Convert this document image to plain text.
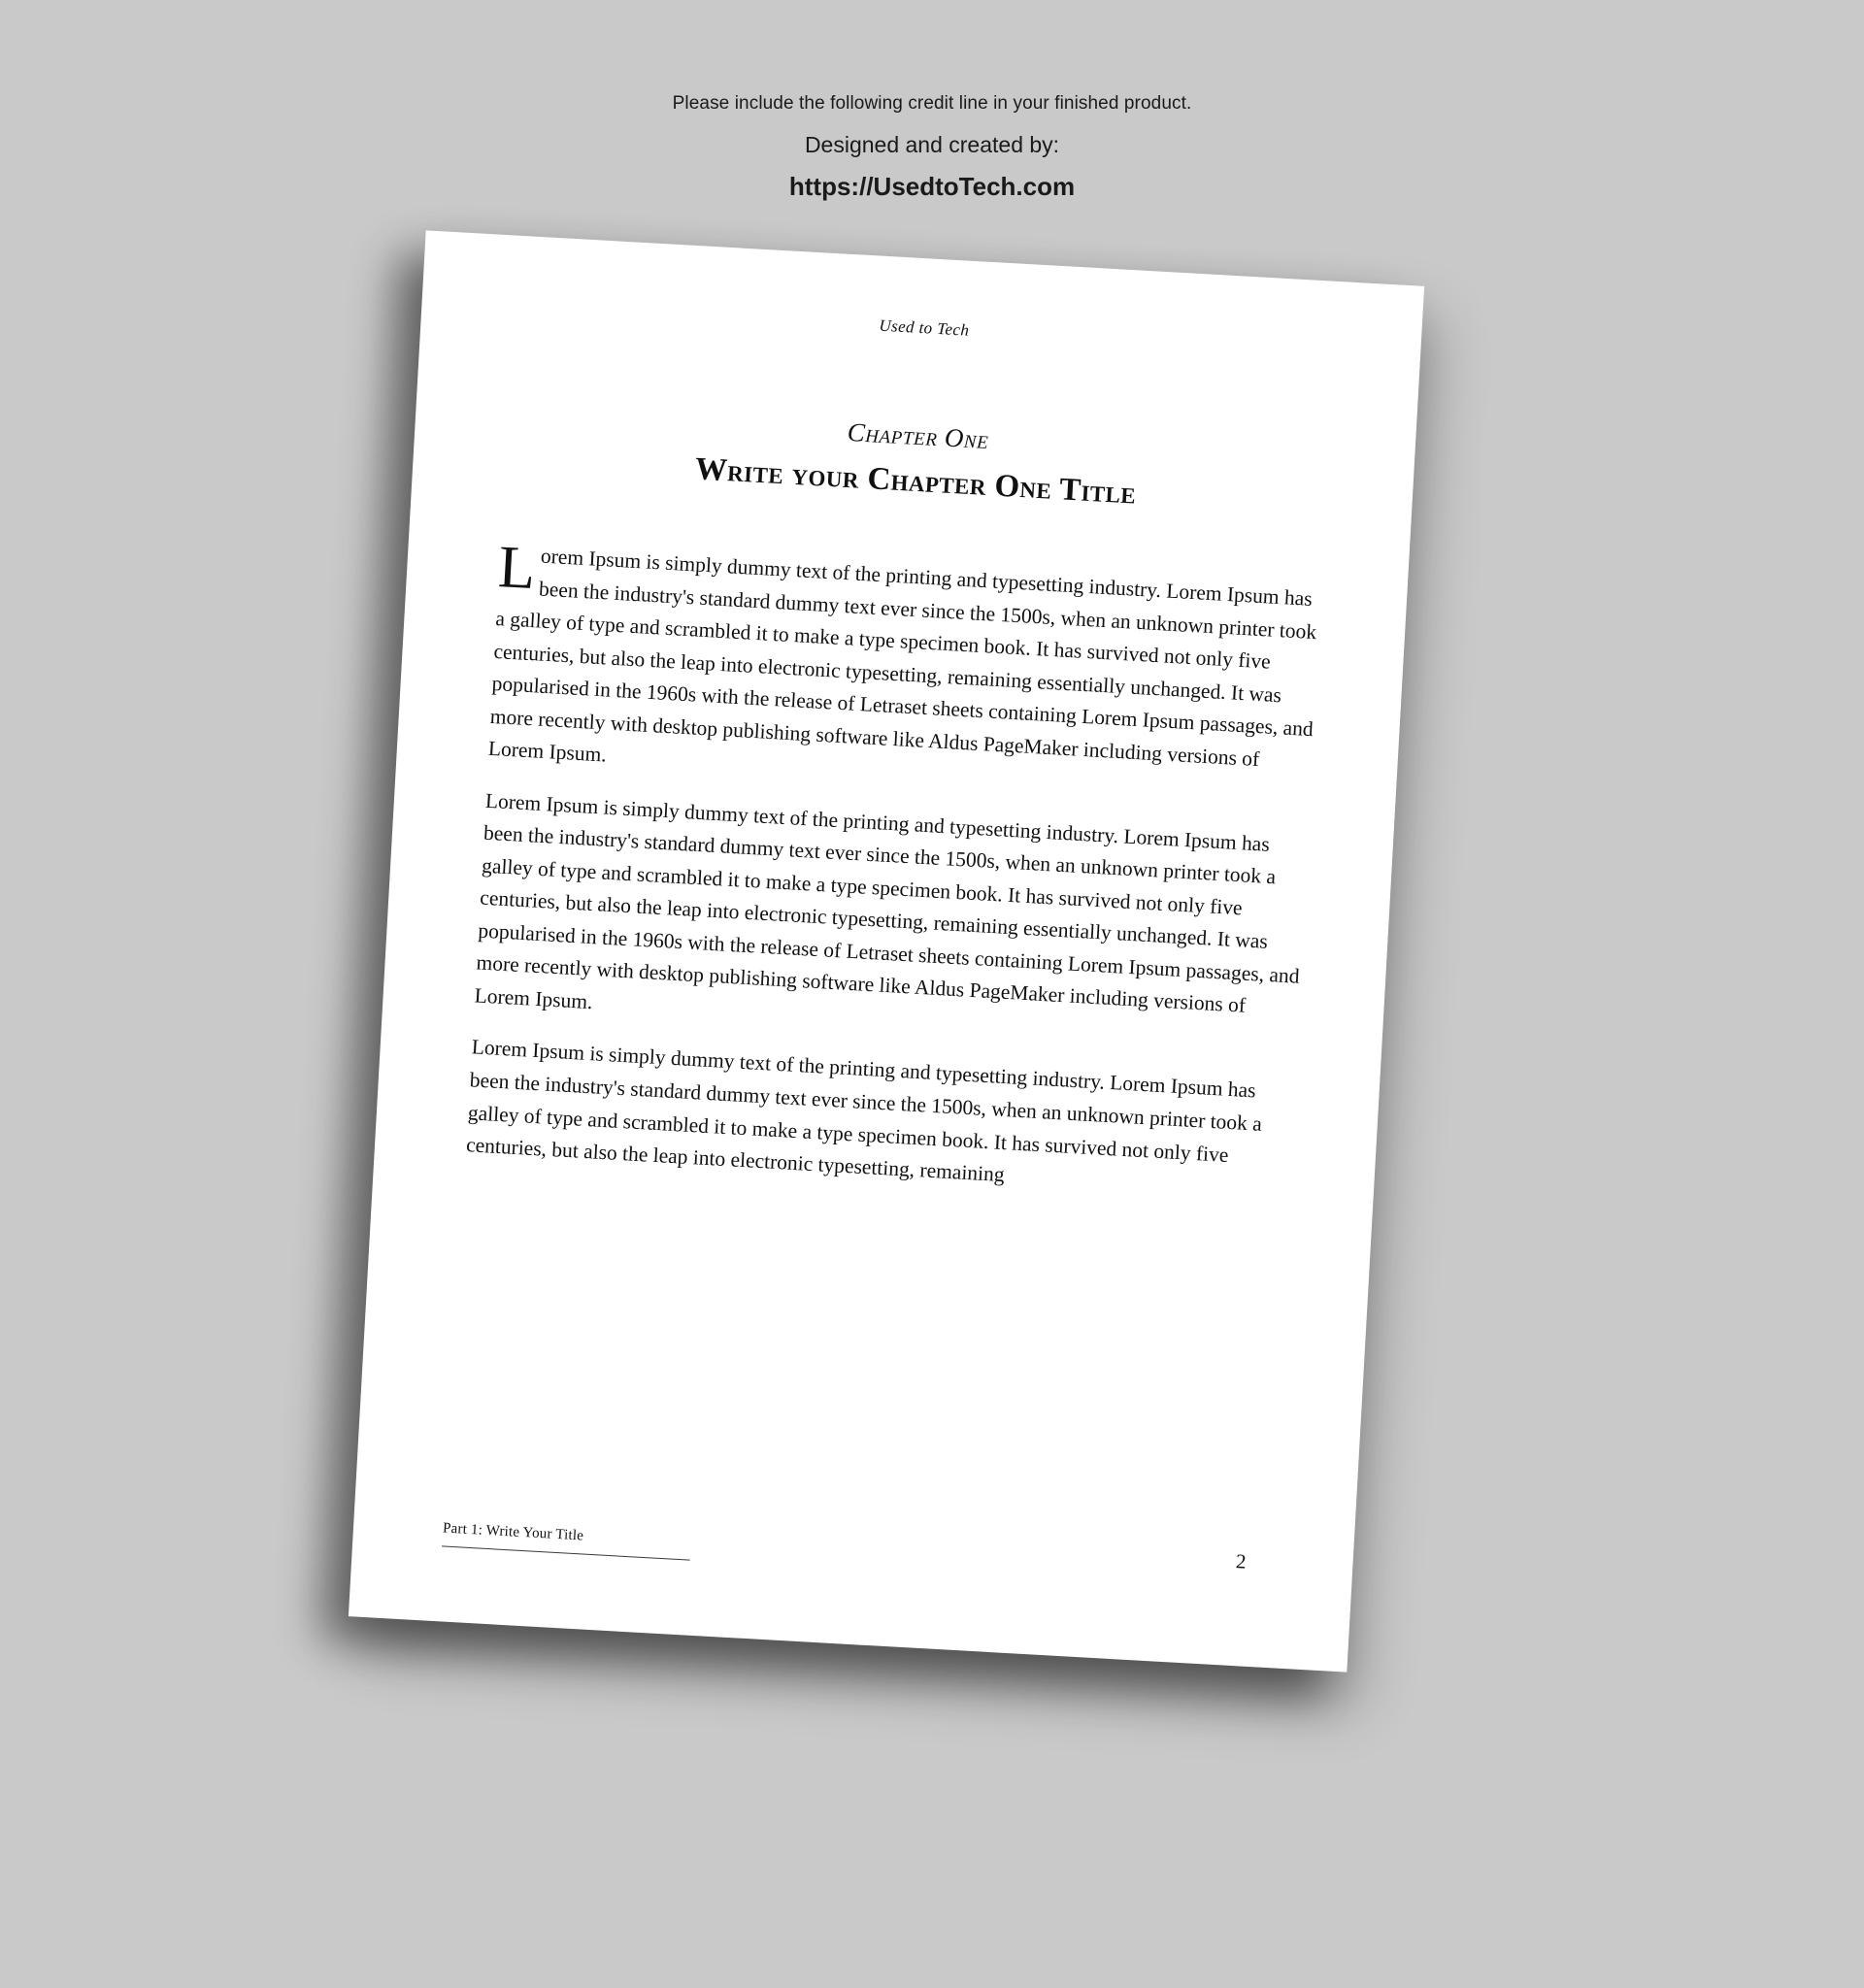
Please include the following credit line in your finished product.
Designed and created by:
https://UsedtoTech.com
Used to Tech
Chapter One
Write your Chapter One Title

Lorem Ipsum is simply dummy text of the printing and typesetting industry. Lorem Ipsum has been the industry's standard dummy text ever since the 1500s, when an unknown printer took a galley of type and scrambled it to make a type specimen book. It has survived not only five centuries, but also the leap into electronic typesetting, remaining essentially unchanged. It was popularised in the 1960s with the release of Letraset sheets containing Lorem Ipsum passages, and more recently with desktop publishing software like Aldus PageMaker including versions of Lorem Ipsum.

Lorem Ipsum is simply dummy text of the printing and typesetting industry. Lorem Ipsum has been the industry's standard dummy text ever since the 1500s, when an unknown printer took a galley of type and scrambled it to make a type specimen book. It has survived not only five centuries, but also the leap into electronic typesetting, remaining essentially unchanged. It was popularised in the 1960s with the release of Letraset sheets containing Lorem Ipsum passages, and more recently with desktop publishing software like Aldus PageMaker including versions of Lorem Ipsum.

Lorem Ipsum is simply dummy text of the printing and typesetting industry. Lorem Ipsum has been the industry's standard dummy text ever since the 1500s, when an unknown printer took a galley of type and scrambled it to make a type specimen book. It has survived not only five centuries, but also the leap into electronic typesetting, remaining

Part 1: Write Your Title
2
